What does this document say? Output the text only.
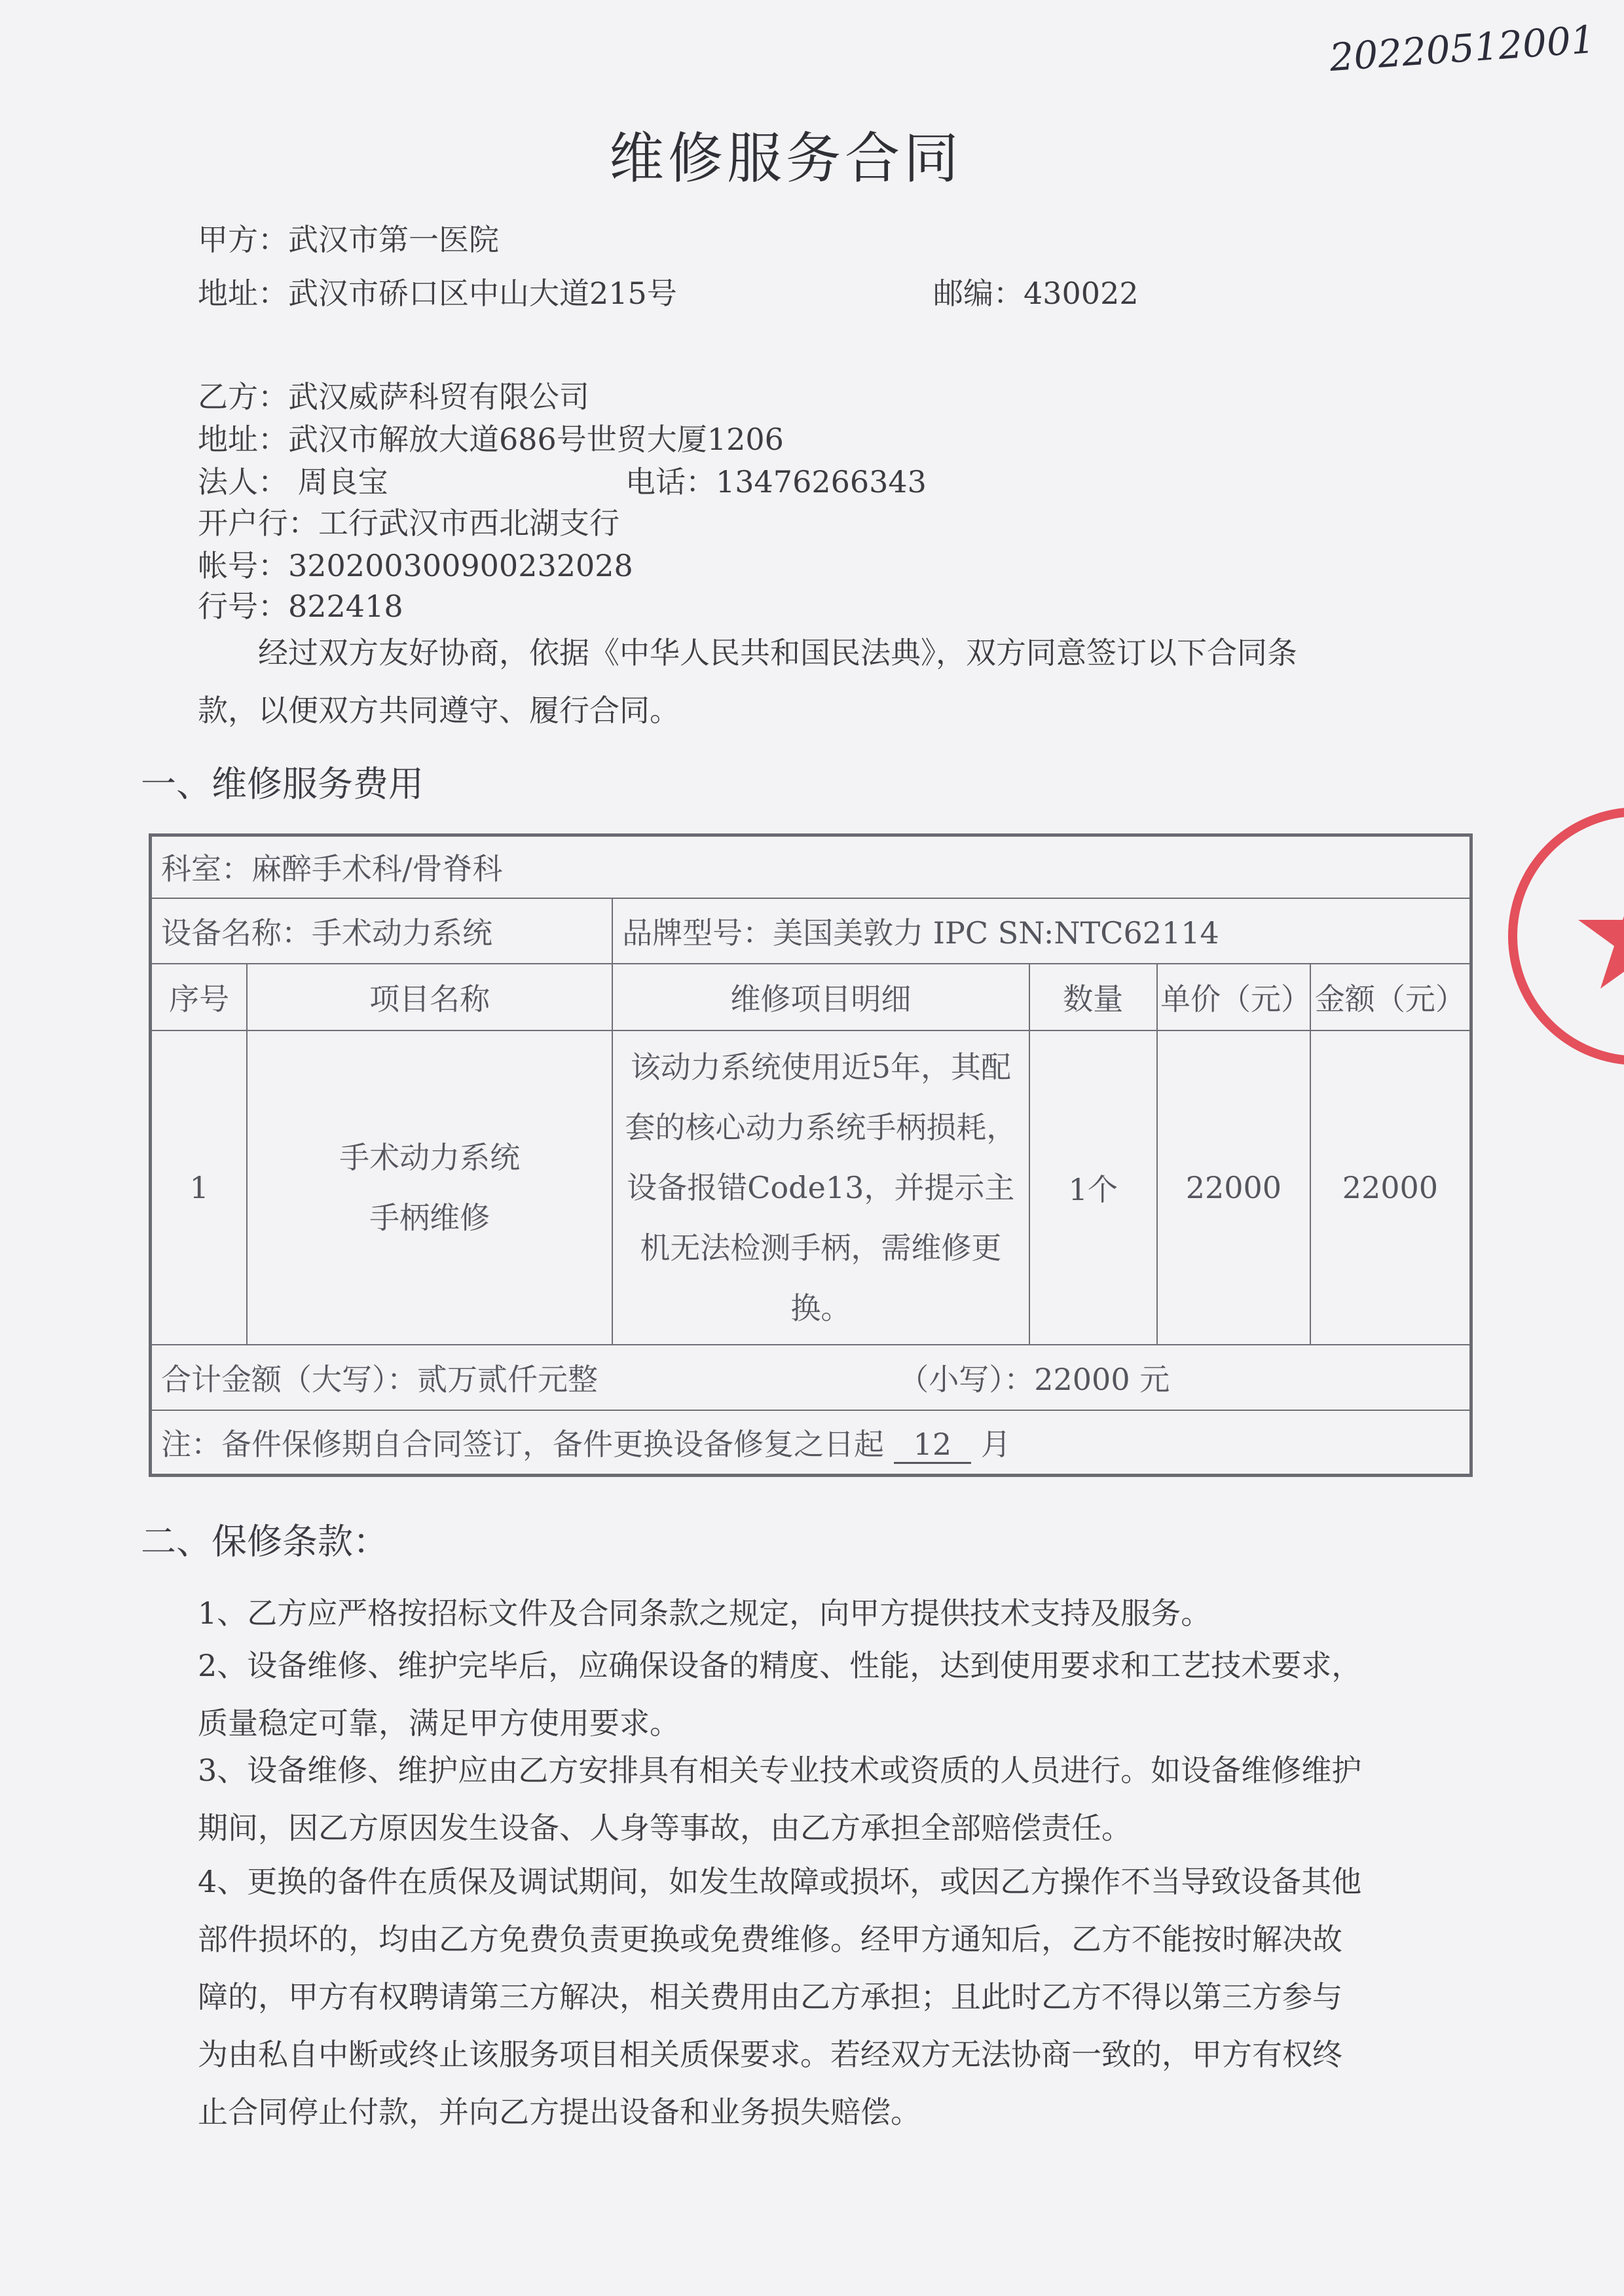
20220512001
维修服务合同
甲方：武汉市第一医院
地址：武汉市硚口区中山大道215号	邮编：430022
乙方：武汉威萨科贸有限公司
地址：武汉市解放大道686号世贸大厦1206
法人： 周良宝	电话：13476266343
开户行：工行武汉市西北湖支行
帐号：3202003009002320​28
行号：822418
经过双方友好协商，依据《中华人民共和国民法典》，双方同意签订以下合同条款，以便双方共同遵守、履行合同。
一、维修服务费用
科室：麻醉手术科/骨脊科					
设备名称：手术动力系统		品牌型号：美国美敦力 IPC SN:NTC62114			
序号	项目名称	维修项目明细	数量	单价（元）	金额（元）
1	手术动力系统
手柄维修	该动力系统使用近5年，其配套的核心动力系统手柄损耗，设备报错Code13，并提示主机无法检测手柄，需维修更换。	1个	22000	22000
合计金额（大写）：贰万贰仟元整 （小写）：22000 元					
注：备件保修期自合同签订，备件更换设备修复之日起 12 月					
二、保修条款：
1、乙方应严格按招标文件及合同条款之规定，向甲方提供技术支持及服务。
2、设备维修、维护完毕后，应确保设备的精度、性能，达到使用要求和工艺技术要求，质量稳定可靠，满足甲方使用要求。
3、设备维修、维护应由乙方安排具有相关专业技术或资质的人员进行。如设备维修维护期间，因乙方原因发生设备、人身等事故，由乙方承担全部赔偿责任。
4、更换的备件在质保及调试期间，如发生故障或损坏，或因乙方操作不当导致设备其他部件损坏的，均由乙方免费负责更换或免费维修。经甲方通知后，乙方不能按时解决故障的，甲方有权聘请第三方解决，相关费用由乙方承担；且此时乙方不得以第三方参与为由私自中断或终止该服务项目相关质保要求。若经双方无法协商一致的，甲方有权终止合同停止付款，并向乙方提出设备和业务损失赔偿。
